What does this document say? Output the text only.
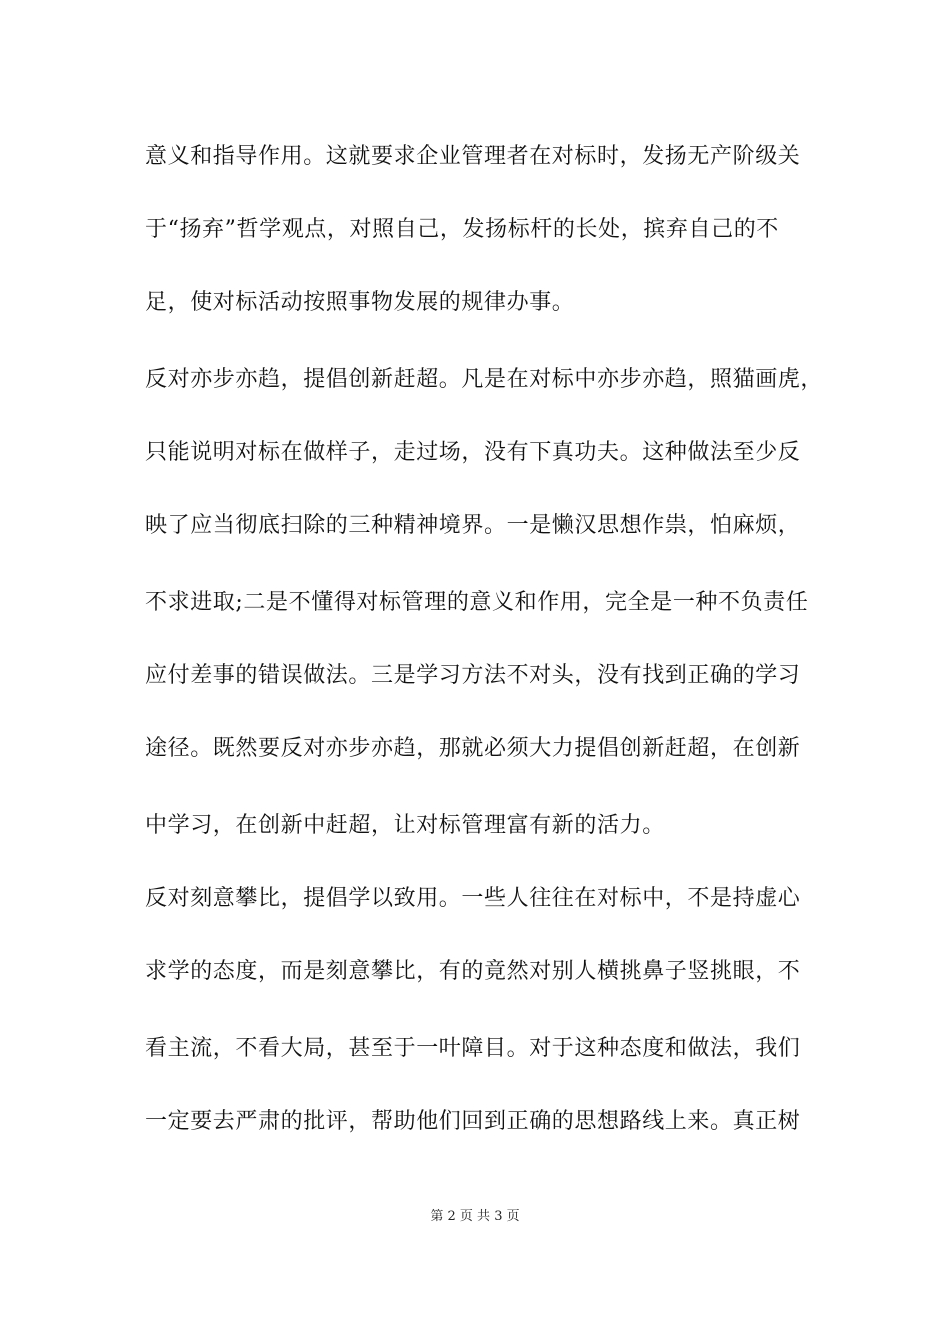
意义和指导作用。这就要求企业管理者在对标时，发扬无产阶级关
于“扬弃”哲学观点，对照自己，发扬标杆的长处，摈弃自己的不
足，使对标活动按照事物发展的规律办事。
反对亦步亦趋，提倡创新赶超。凡是在对标中亦步亦趋，照猫画虎，
只能说明对标在做样子，走过场，没有下真功夫。这种做法至少反
映了应当彻底扫除的三种精神境界。一是懒汉思想作祟，怕麻烦，
不求进取;二是不懂得对标管理的意义和作用，完全是一种不负责任
应付差事的错误做法。三是学习方法不对头，没有找到正确的学习
途径。既然要反对亦步亦趋，那就必须大力提倡创新赶超，在创新
中学习，在创新中赶超，让对标管理富有新的活力。
反对刻意攀比，提倡学以致用。一些人往往在对标中，不是持虚心
求学的态度，而是刻意攀比，有的竟然对别人横挑鼻子竖挑眼，不
看主流，不看大局，甚至于一叶障目。对于这种态度和做法，我们
一定要去严肃的批评，帮助他们回到正确的思想路线上来。真正树
第 2 页 共 3 页
